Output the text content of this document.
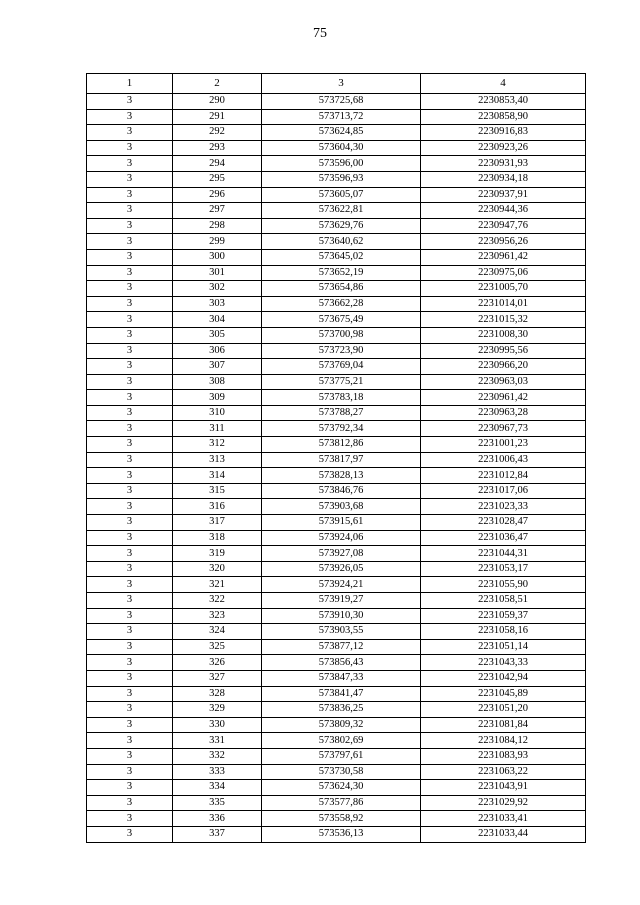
75
1	2	3	4
3	290	573725,68	2230853,40
3	291	573713,72	2230858,90
3	292	573624,85	2230916,83
3	293	573604,30	2230923,26
3	294	573596,00	2230931,93
3	295	573596,93	2230934,18
3	296	573605,07	2230937,91
3	297	573622,81	2230944,36
3	298	573629,76	2230947,76
3	299	573640,62	2230956,26
3	300	573645,02	2230961,42
3	301	573652,19	2230975,06
3	302	573654,86	2231005,70
3	303	573662,28	2231014,01
3	304	573675,49	2231015,32
3	305	573700,98	2231008,30
3	306	573723,90	2230995,56
3	307	573769,04	2230966,20
3	308	573775,21	2230963,03
3	309	573783,18	2230961,42
3	310	573788,27	2230963,28
3	311	573792,34	2230967,73
3	312	573812,86	2231001,23
3	313	573817,97	2231006,43
3	314	573828,13	2231012,84
3	315	573846,76	2231017,06
3	316	573903,68	2231023,33
3	317	573915,61	2231028,47
3	318	573924,06	2231036,47
3	319	573927,08	2231044,31
3	320	573926,05	2231053,17
3	321	573924,21	2231055,90
3	322	573919,27	2231058,51
3	323	573910,30	2231059,37
3	324	573903,55	2231058,16
3	325	573877,12	2231051,14
3	326	573856,43	2231043,33
3	327	573847,33	2231042,94
3	328	573841,47	2231045,89
3	329	573836,25	2231051,20
3	330	573809,32	2231081,84
3	331	573802,69	2231084,12
3	332	573797,61	2231083,93
3	333	573730,58	2231063,22
3	334	573624,30	2231043,91
3	335	573577,86	2231029,92
3	336	573558,92	2231033,41
3	337	573536,13	2231033,44
